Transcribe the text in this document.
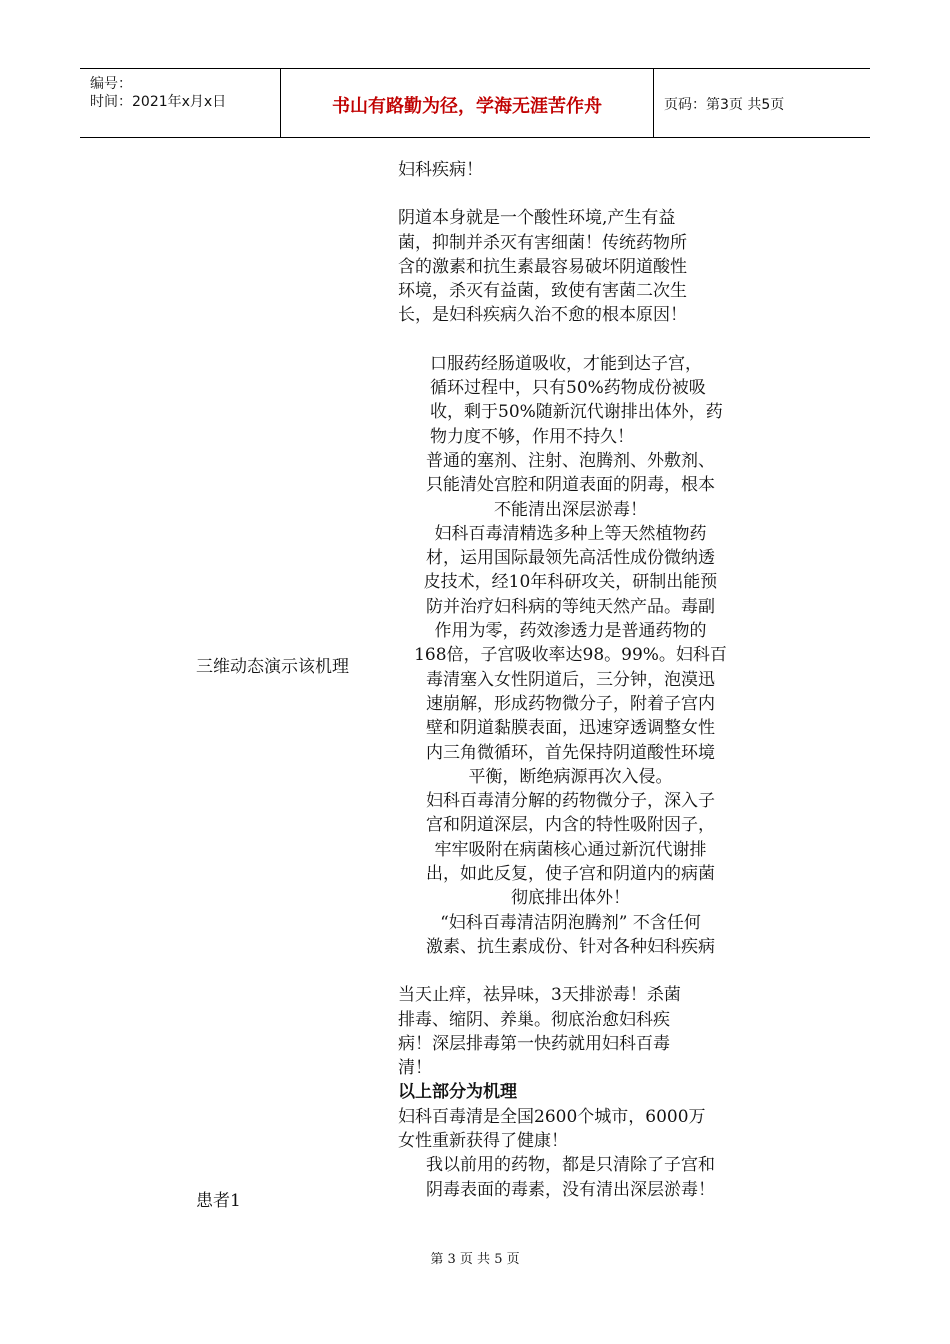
编号：
时间：2021年x月x日	书山有路勤为径，学海无涯苦作舟	页码：第3页 共5页
三维动态演示该机理
患者1

妇科疾病！

阴道本身就是一个酸性环境,产生有益
菌，抑制并杀灭有害细菌！传统药物所
含的激素和抗生素最容易破坏阴道酸性
环境，杀灭有益菌，致使有害菌二次生
长，是妇科疾病久治不愈的根本原因！

口服药经肠道吸收，才能到达子宫，
循环过程中，只有50%药物成份被吸
收，剩于50%随新沉代谢排出体外，药
物力度不够，作用不持久！

普通的塞剂、注射、泡腾剂、外敷剂、
只能清处宫腔和阴道表面的阴毒，根本
不能清出深层淤毒！

妇科百毒清精选多种上等天然植物药
材，运用国际最领先高活性成份微纳透
皮技术，经10年科研攻关，研制出能预
防并治疗妇科病的等纯天然产品。毒副
作用为零，药效渗透力是普通药物的
168倍，子宫吸收率达98。99%。妇科百
毒清塞入女性阴道后，三分钟，泡漠迅
速崩解，形成药物微分子，附着子宫内
壁和阴道黏膜表面，迅速穿透调整女性
内三角微循环，首先保持阴道酸性环境
平衡，断绝病源再次入侵。

妇科百毒清分解的药物微分子，深入子
宫和阴道深层，内含的特性吸附因子，
牢牢吸附在病菌核心通过新沉代谢排
出，如此反复，使子宫和阴道内的病菌
彻底排出体外！

“妇科百毒清洁阴泡腾剂” 不含任何
激素、抗生素成份、针对各种妇科疾病

当天止痒，祛异味，3天排淤毒！杀菌
排毒、缩阴、养巢。彻底治愈妇科疾
病！深层排毒第一快药就用妇科百毒
清！

以上部分为机理

妇科百毒清是全国2600个城市，6000万
女性重新获得了健康！

我以前用的药物，都是只清除了子宫和
阴毒表面的毒素，没有清出深层淤毒！

第 3 页 共 5 页
